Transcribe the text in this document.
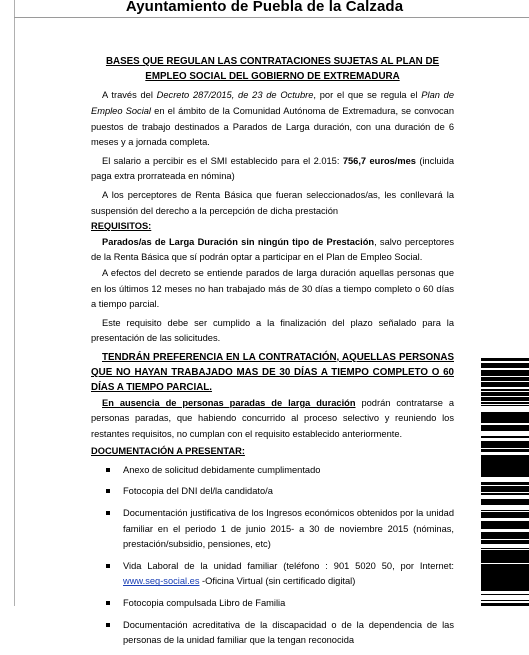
Ayuntamiento de Puebla de la Calzada

BASES QUE REGULAN LAS CONTRATACIONES SUJETAS AL PLAN DE EMPLEO SOCIAL DEL GOBIERNO DE EXTREMADURA

A través del Decreto 287/2015, de 23 de Octubre, por el que se regula el Plan de Empleo Social en el ámbito de la Comunidad Autónoma de Extremadura, se convocan puestos de trabajo destinados a Parados de Larga duración, con una duración de 6 meses y a jornada completa.

El salario a percibir es el SMI establecido para el 2.015: 756,7 euros/mes (incluida paga extra prorrateada en nómina)

A los perceptores de Renta Básica que fueran seleccionados/as, les conllevará la suspensión del derecho a la percepción de dicha prestación

REQUISITOS:

Parados/as de Larga Duración sin ningún tipo de Prestación, salvo perceptores de la Renta Básica que sí podrán optar a participar en el Plan de Empleo Social.

A efectos del decreto se entiende parados de larga duración aquellas personas que en los últimos 12 meses no han trabajado más de 30 días a tiempo completo o 60 días a tiempo parcial.

Este requisito debe ser cumplido a la finalización del plazo señalado para la presentación de las solicitudes.

TENDRÁN PREFERENCIA EN LA CONTRATACIÓN, AQUELLAS PERSONAS QUE NO HAYAN TRABAJADO MAS DE 30 DÍAS A TIEMPO COMPLETO O 60 DÍAS A TIEMPO PARCIAL.

En ausencia de personas paradas de larga duración podrán contratarse a personas paradas, que habiendo concurrido al proceso selectivo y reuniendo los restantes requisitos, no cumplan con el requisito establecido anteriormente.

DOCUMENTACIÓN A PRESENTAR:

Anexo de solicitud debidamente cumplimentado
Fotocopia del DNI del/la candidato/a
Documentación justificativa de los Ingresos económicos obtenidos por la unidad familiar en el periodo 1 de junio 2015- a 30 de noviembre 2015 (nóminas, prestación/subsidio, pensiones, etc)
Vida Laboral de la unidad familiar (teléfono : 901 5020 50, por Internet: www.seg-social.es -Oficina Virtual (sin certificado digital)
Fotocopia compulsada Libro de Familia
Documentación acreditativa de la discapacidad o de la dependencia de las personas de la unidad familiar que la tengan reconocida
